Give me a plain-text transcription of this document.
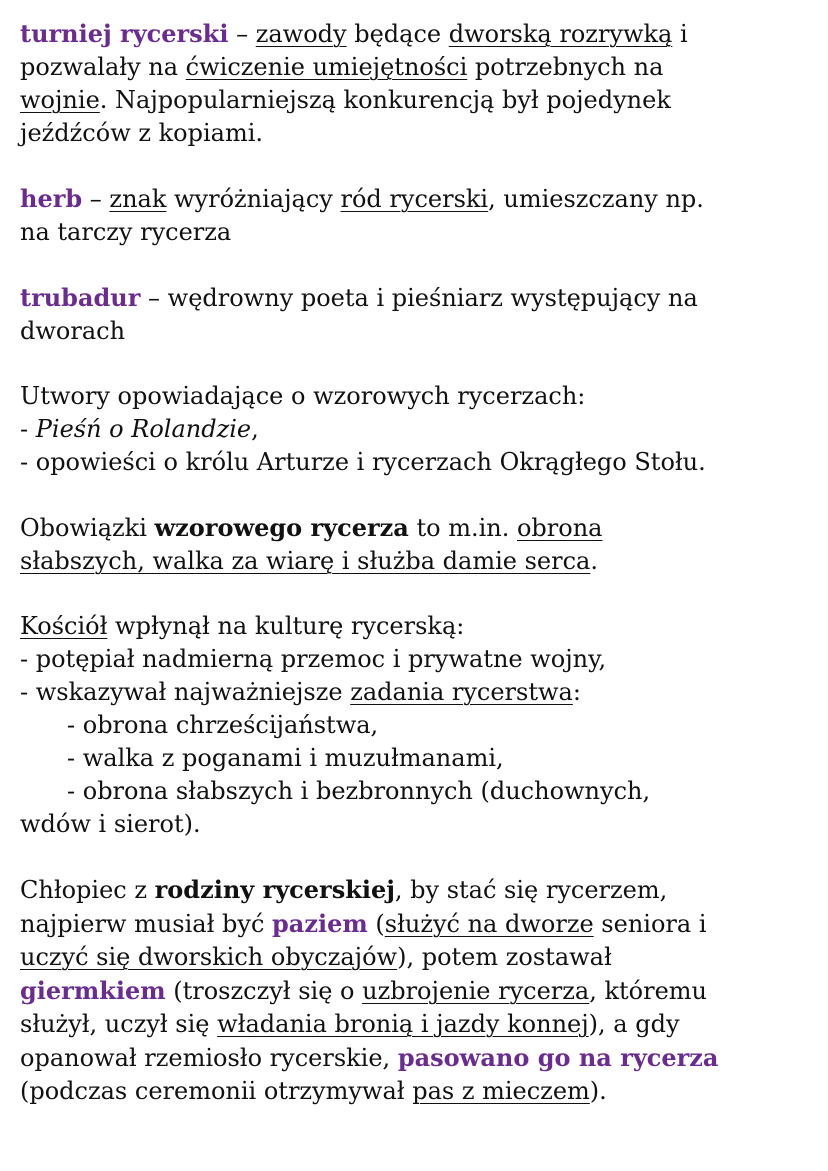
turniej rycerski – zawody będące dworską rozrywką i
pozwalały na ćwiczenie umiejętności potrzebnych na
wojnie. Najpopularniejszą konkurencją był pojedynek
jeźdźców z kopiami.
herb – znak wyróżniający ród rycerski, umieszczany np.
na tarczy rycerza
trubadur – wędrowny poeta i pieśniarz występujący na
dworach
Utwory opowiadające o wzorowych rycerzach:
- Pieśń o Rolandzie,
- opowieści o królu Arturze i rycerzach Okrągłego Stołu.
Obowiązki wzorowego rycerza to m.in. obrona
słabszych, walka za wiarę i służba damie serca.
Kościół wpłynął na kulturę rycerską:
- potępiał nadmierną przemoc i prywatne wojny,
- wskazywał najważniejsze zadania rycerstwa:
- obrona chrześcijaństwa,
- walka z poganami i muzułmanami,
- obrona słabszych i bezbronnych (duchownych,
wdów i sierot).
Chłopiec z rodziny rycerskiej, by stać się rycerzem,
najpierw musiał być paziem (służyć na dworze seniora i
uczyć się dworskich obyczajów), potem zostawał
giermkiem (troszczył się o uzbrojenie rycerza, któremu
służył, uczył się władania bronią i jazdy konnej), a gdy
opanował rzemiosło rycerskie, pasowano go na rycerza
(podczas ceremonii otrzymywał pas z mieczem).
